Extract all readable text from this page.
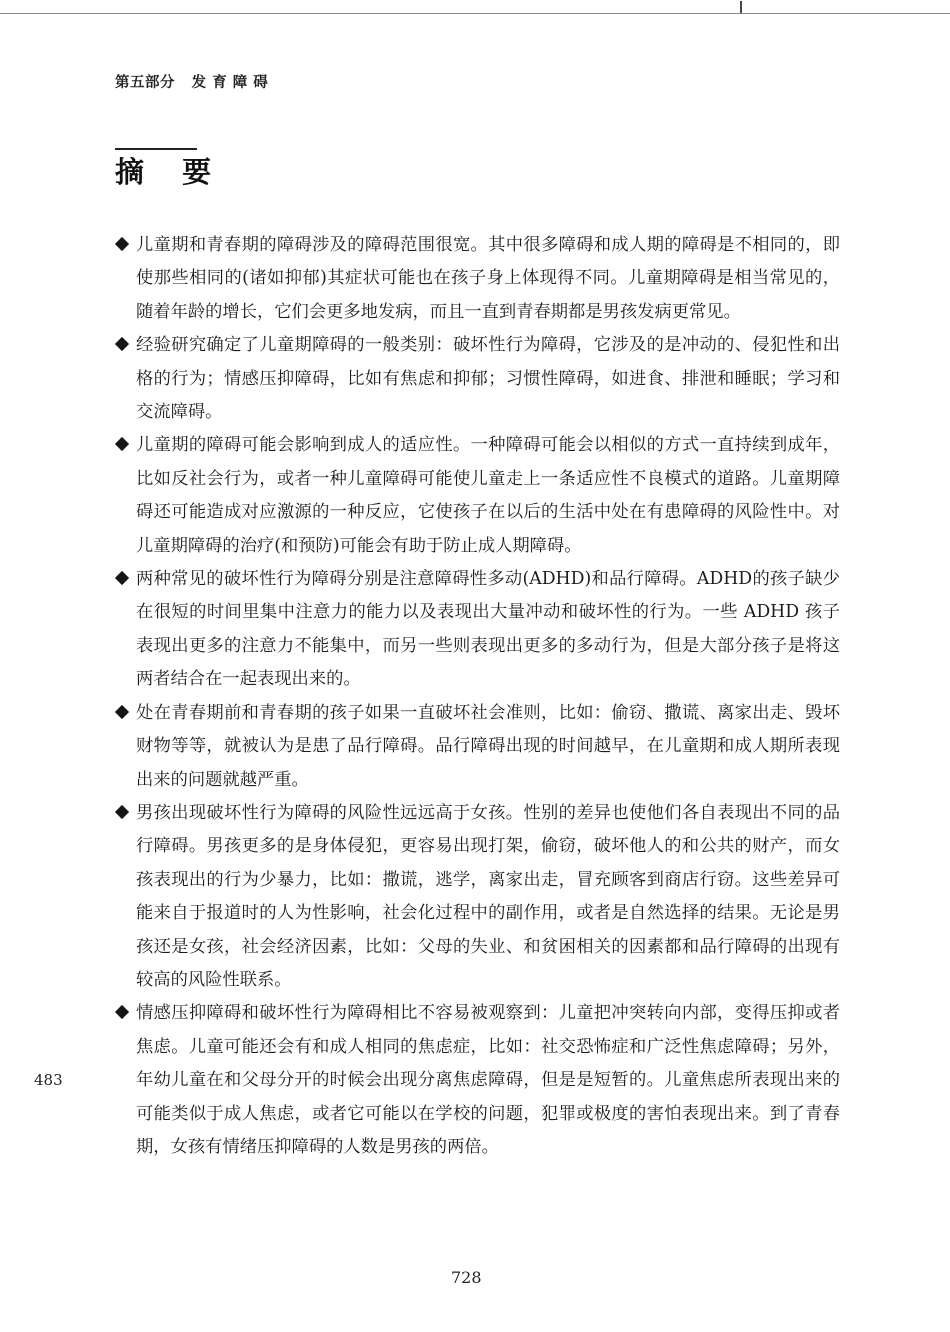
第五部分   发 育 障 碍
摘 要
儿童期和青春期的障碍涉及的障碍范围很宽。其中很多障碍和成人期的障碍是不相同的，即使那些相同的(诸如抑郁)其症状可能也在孩子身上体现得不同。儿童期障碍是相当常见的，随着年龄的增长，它们会更多地发病，而且一直到青春期都是男孩发病更常见。
经验研究确定了儿童期障碍的一般类别：破坏性行为障碍，它涉及的是冲动的、侵犯性和出格的行为；情感压抑障碍，比如有焦虑和抑郁；习惯性障碍，如进食、排泄和睡眠；学习和交流障碍。
儿童期的障碍可能会影响到成人的适应性。一种障碍可能会以相似的方式一直持续到成年，比如反社会行为，或者一种儿童障碍可能使儿童走上一条适应性不良模式的道路。儿童期障碍还可能造成对应激源的一种反应，它使孩子在以后的生活中处在有患障碍的风险性中。对儿童期障碍的治疗(和预防)可能会有助于防止成人期障碍。
两种常见的破坏性行为障碍分别是注意障碍性多动(ADHD)和品行障碍。ADHD的孩子缺少在很短的时间里集中注意力的能力以及表现出大量冲动和破坏性的行为。一些 ADHD 孩子表现出更多的注意力不能集中，而另一些则表现出更多的多动行为，但是大部分孩子是将这两者结合在一起表现出来的。
处在青春期前和青春期的孩子如果一直破坏社会准则，比如：偷窃、撒谎、离家出走、毁坏财物等等，就被认为是患了品行障碍。品行障碍出现的时间越早，在儿童期和成人期所表现出来的问题就越严重。
男孩出现破坏性行为障碍的风险性远远高于女孩。性别的差异也使他们各自表现出不同的品行障碍。男孩更多的是身体侵犯，更容易出现打架，偷窃，破坏他人的和公共的财产，而女孩表现出的行为少暴力，比如：撒谎，逃学，离家出走，冒充顾客到商店行窃。这些差异可能来自于报道时的人为性影响，社会化过程中的副作用，或者是自然选择的结果。无论是男孩还是女孩，社会经济因素，比如：父母的失业、和贫困相关的因素都和品行障碍的出现有较高的风险性联系。
情感压抑障碍和破坏性行为障碍相比不容易被观察到：儿童把冲突转向内部，变得压抑或者焦虑。儿童可能还会有和成人相同的焦虑症，比如：社交恐怖症和广泛性焦虑障碍；另外，年幼儿童在和父母分开的时候会出现分离焦虑障碍，但是是短暂的。儿童焦虑所表现出来的可能类似于成人焦虑，或者它可能以在学校的问题，犯罪或极度的害怕表现出来。到了青春期，女孩有情绪压抑障碍的人数是男孩的两倍。
483
728
